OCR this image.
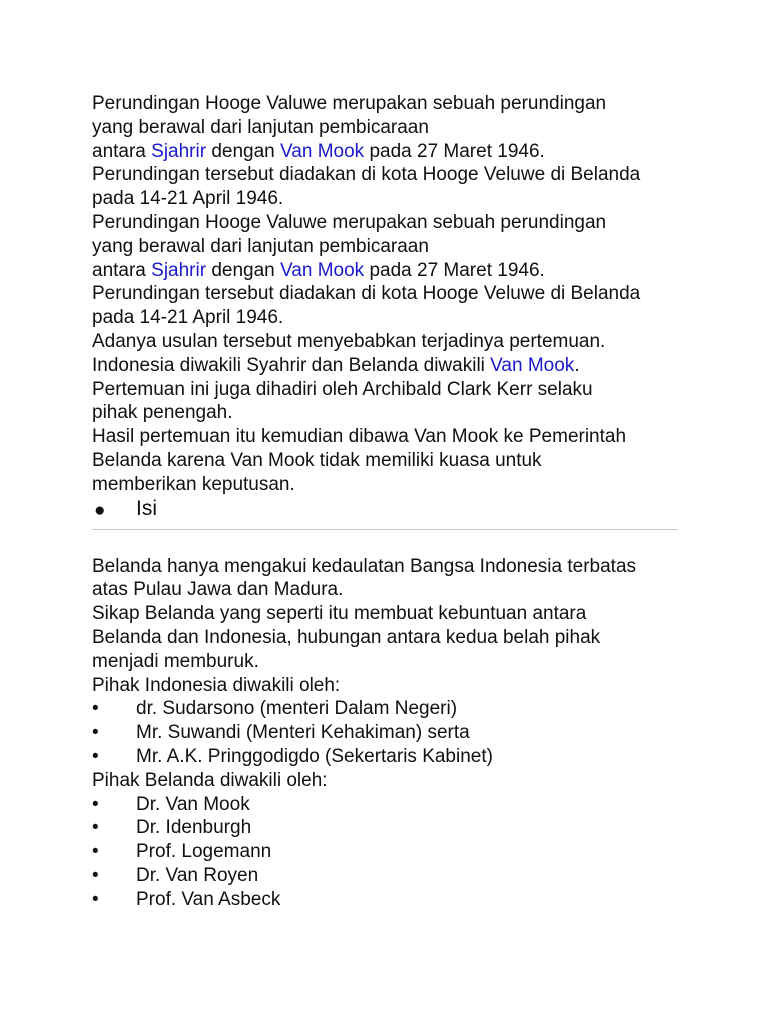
Perundingan Hooge Valuwe merupakan sebuah perundingan
yang berawal dari lanjutan pembicaraan
antara Sjahrir dengan Van Mook pada 27 Maret 1946.
Perundingan tersebut diadakan di kota Hooge Veluwe di Belanda
pada 14-21 April 1946.
Perundingan Hooge Valuwe merupakan sebuah perundingan
yang berawal dari lanjutan pembicaraan
antara Sjahrir dengan Van Mook pada 27 Maret 1946.
Perundingan tersebut diadakan di kota Hooge Veluwe di Belanda
pada 14-21 April 1946.
Adanya usulan tersebut menyebabkan terjadinya pertemuan.
Indonesia diwakili Syahrir dan Belanda diwakili Van Mook.
Pertemuan ini juga dihadiri oleh Archibald Clark Kerr selaku
pihak penengah.
Hasil pertemuan itu kemudian dibawa Van Mook ke Pemerintah
Belanda karena Van Mook tidak memiliki kuasa untuk
memberikan keputusan.
● Isi
Belanda hanya mengakui kedaulatan Bangsa Indonesia terbatas
atas Pulau Jawa dan Madura.
Sikap Belanda yang seperti itu membuat kebuntuan antara
Belanda dan Indonesia, hubungan antara kedua belah pihak
menjadi memburuk.
Pihak Indonesia diwakili oleh:
• dr. Sudarsono (menteri Dalam Negeri)
• Mr. Suwandi (Menteri Kehakiman) serta
• Mr. A.K. Pringgodigdo (Sekertaris Kabinet)
Pihak Belanda diwakili oleh:
• Dr. Van Mook
• Dr. Idenburgh
• Prof. Logemann
• Dr. Van Royen
• Prof. Van Asbeck
